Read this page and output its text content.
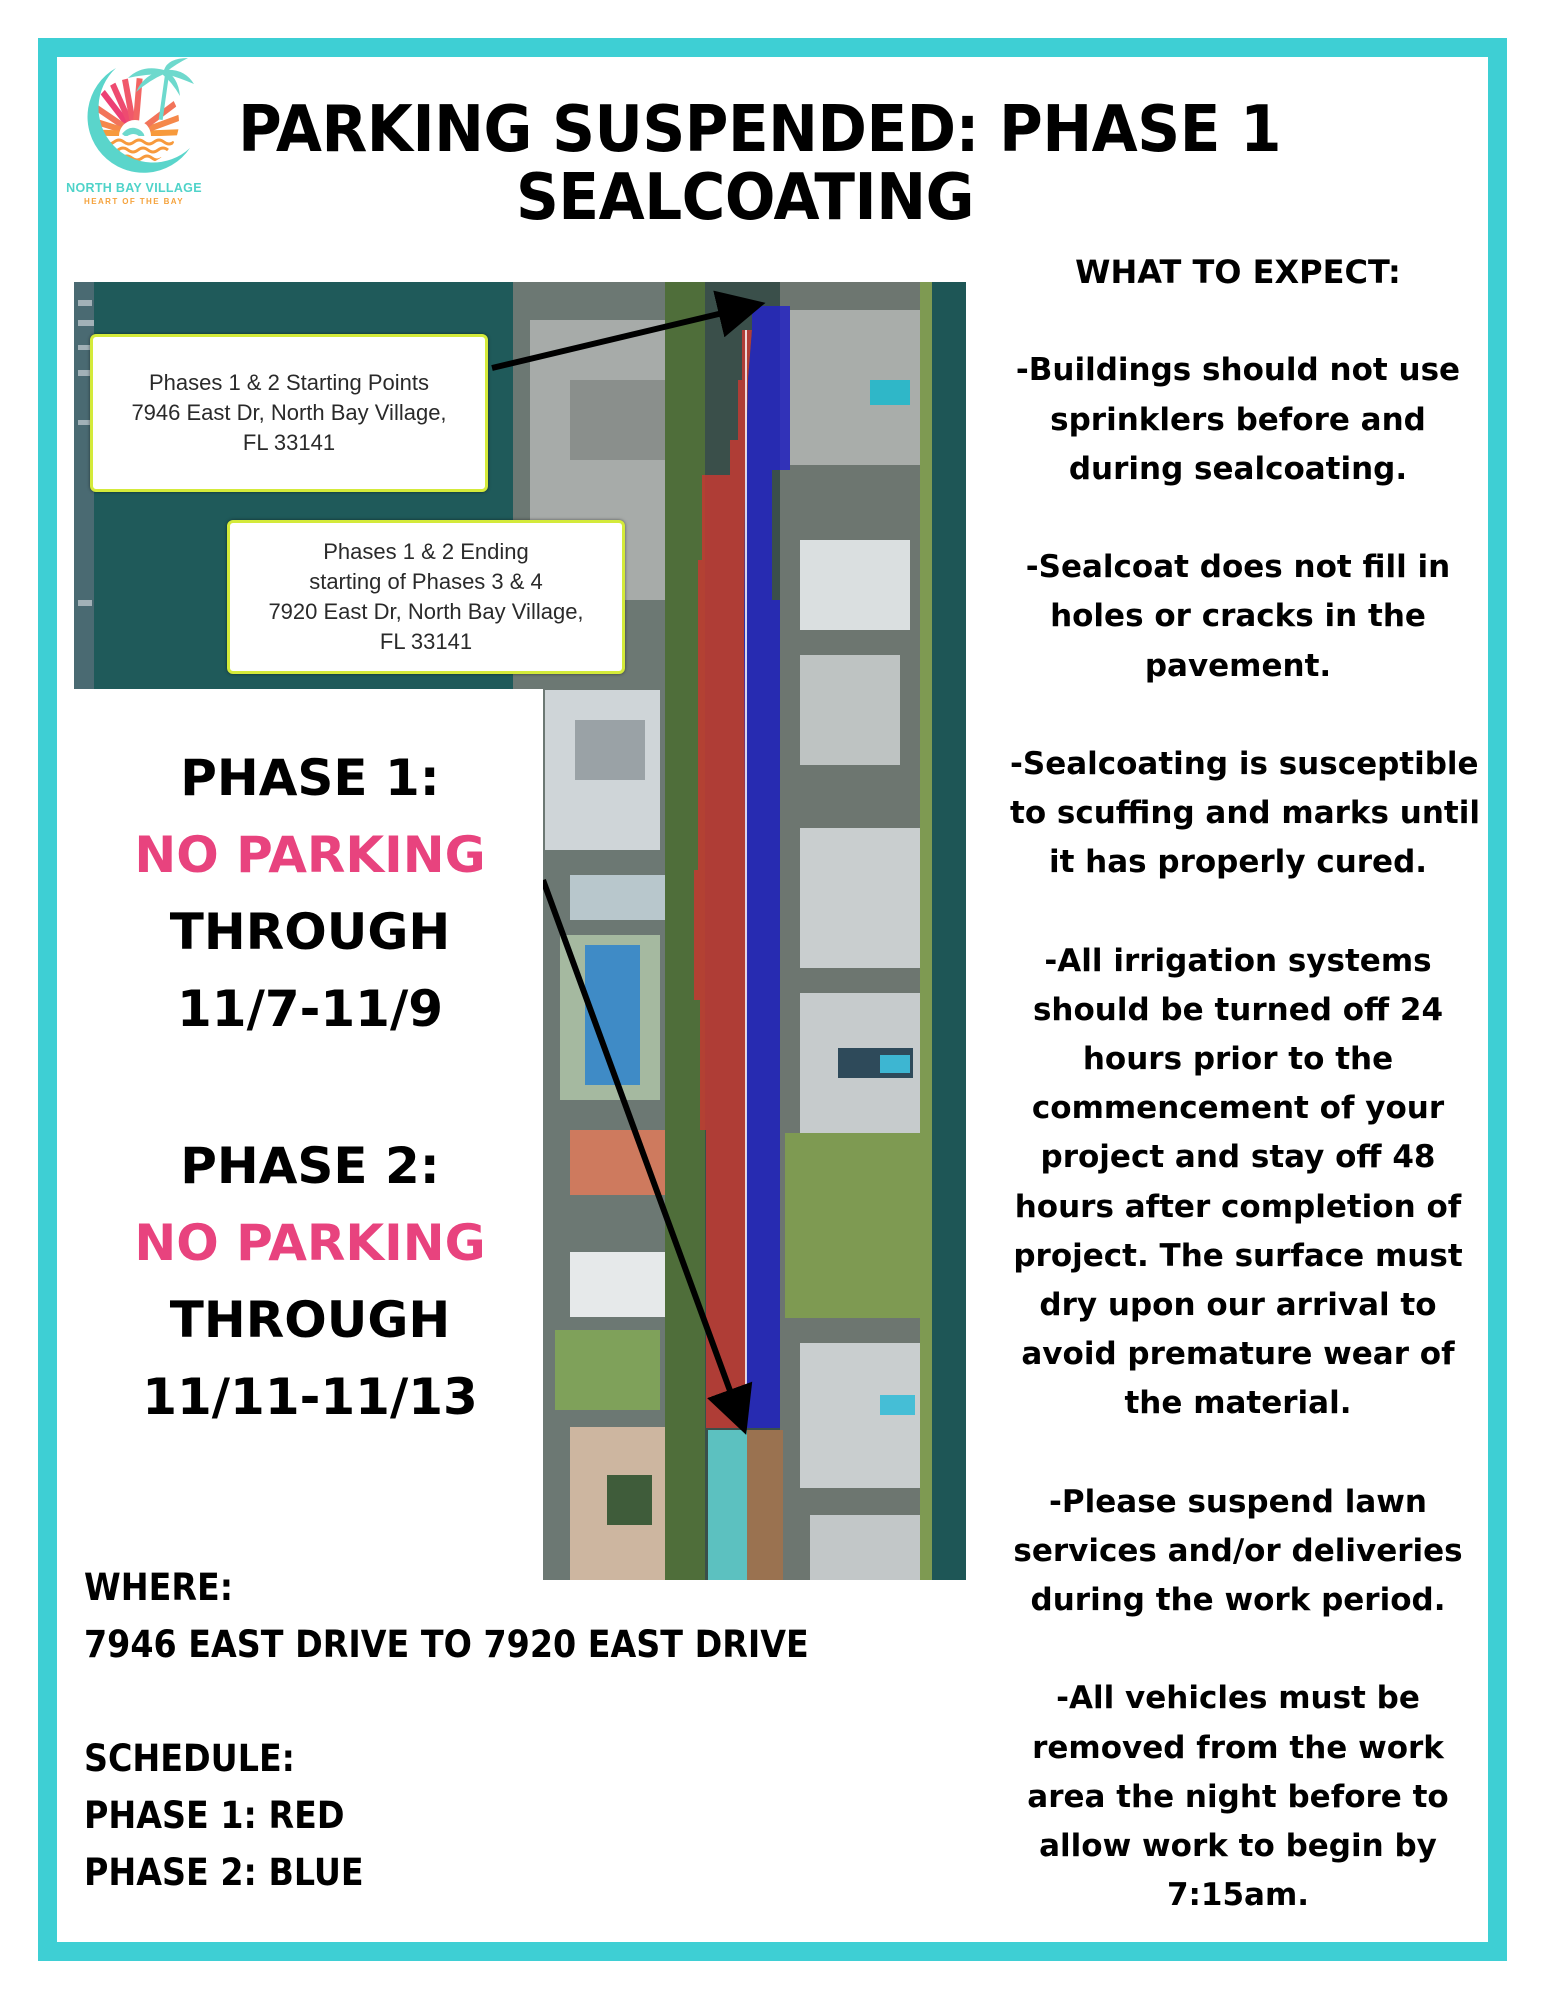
NORTH BAY VILLAGE
HEART OF THE BAY
PARKING SUSPENDED: PHASE 1
SEALCOATING
Phases 1 & 2 Starting Points
7946 East Dr, North Bay Village,
FL 33141
Phases 1 & 2 Ending
starting of Phases 3 & 4
7920 East Dr, North Bay Village,
FL 33141
PHASE 1:
NO PARKING
THROUGH
11/7-11/9
PHASE 2:
NO PARKING
THROUGH
11/11-11/13
WHERE:
7946 EAST DRIVE TO 7920 EAST DRIVE
SCHEDULE:
PHASE 1: RED
PHASE 2: BLUE
WHAT TO EXPECT:
-Buildings should not use
sprinklers before and
during sealcoating.
-Sealcoat does not fill in
holes or cracks in the
pavement.
-Sealcoating is susceptible
to scuffing and marks until
it has properly cured.
-All irrigation systems
should be turned off 24
hours prior to the
commencement of your
project and stay off 48
hours after completion of
project. The surface must
dry upon our arrival to
avoid premature wear of
the material.
-Please suspend lawn
services and/or deliveries
during the work period.
-All vehicles must be
removed from the work
area the night before to
allow work to begin by
7:15am.
